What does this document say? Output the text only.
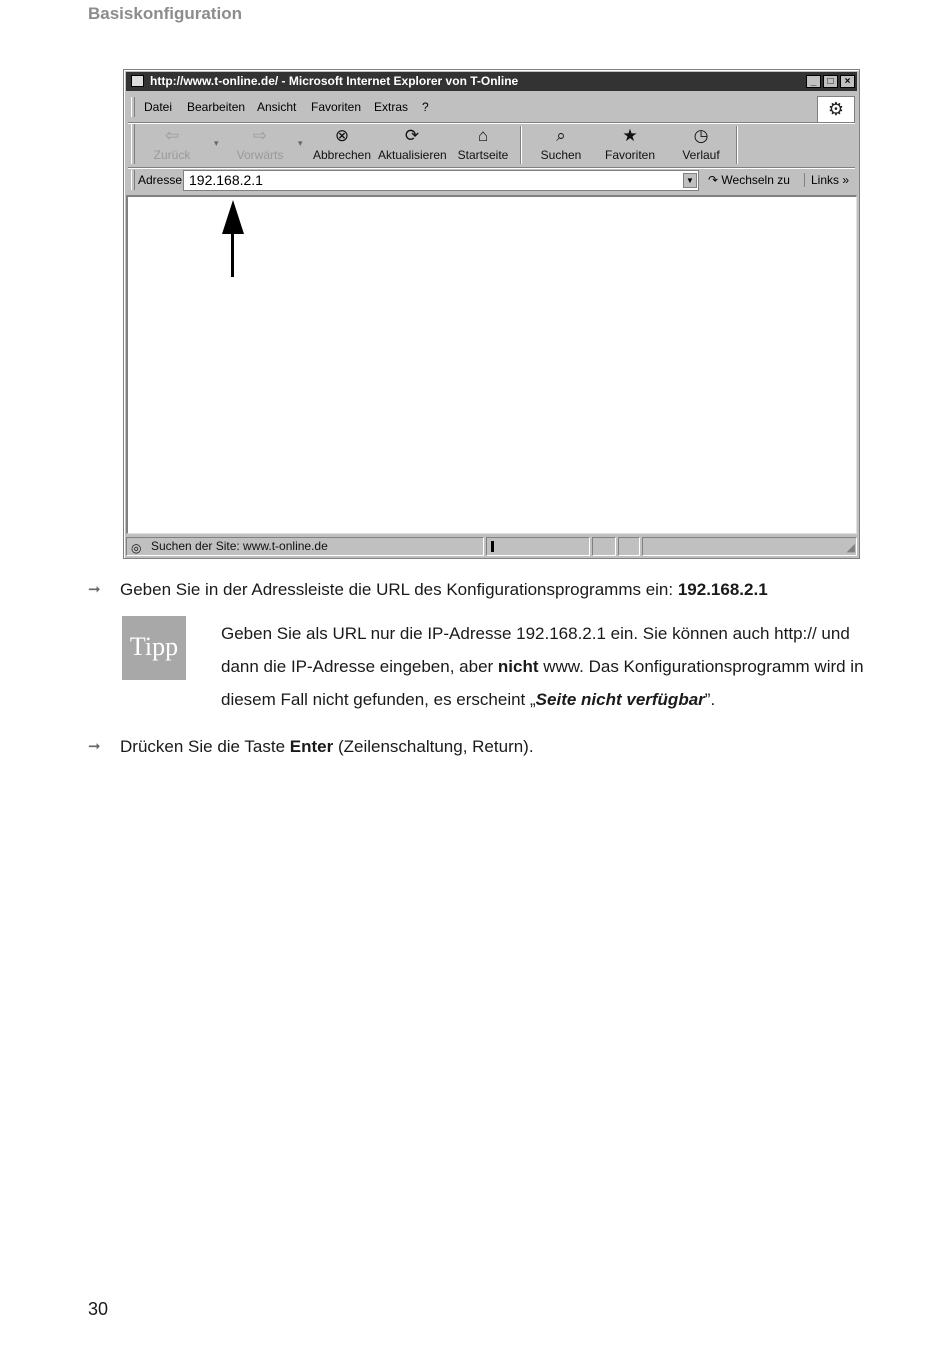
Basiskonfiguration
http://www.t-online.de/ - Microsoft Internet Explorer von T-Online	_	□	×
Datei Bearbeiten Ansicht Favoriten Extras ?	⚙
⇦
Zurück
▾ ⇨
Vorwärts
▾ ⊗
Abbrechen
⟳
Aktualisieren
⌂
Startseite
⌕
Suchen
★
Favoriten
◷
Verlauf
Adresse 192.168.2.1	▼ ↷ Wechseln zu	Links »
◎ Suchen der Site: www.t-online.de	◢
➞ Geben Sie in der Adressleiste die URL des Konfigurationsprogramms ein: 192.168.2.1
Tipp	Geben Sie als URL nur die IP-Adresse 192.168.2.1 ein. Sie können auch http:// und dann die IP-Adresse eingeben, aber nicht www. Das Konfigurationsprogramm wird in diesem Fall nicht gefunden, es erscheint „Seite nicht verfügbar”.
➞ Drücken Sie die Taste Enter (Zeilenschaltung, Return).
30
